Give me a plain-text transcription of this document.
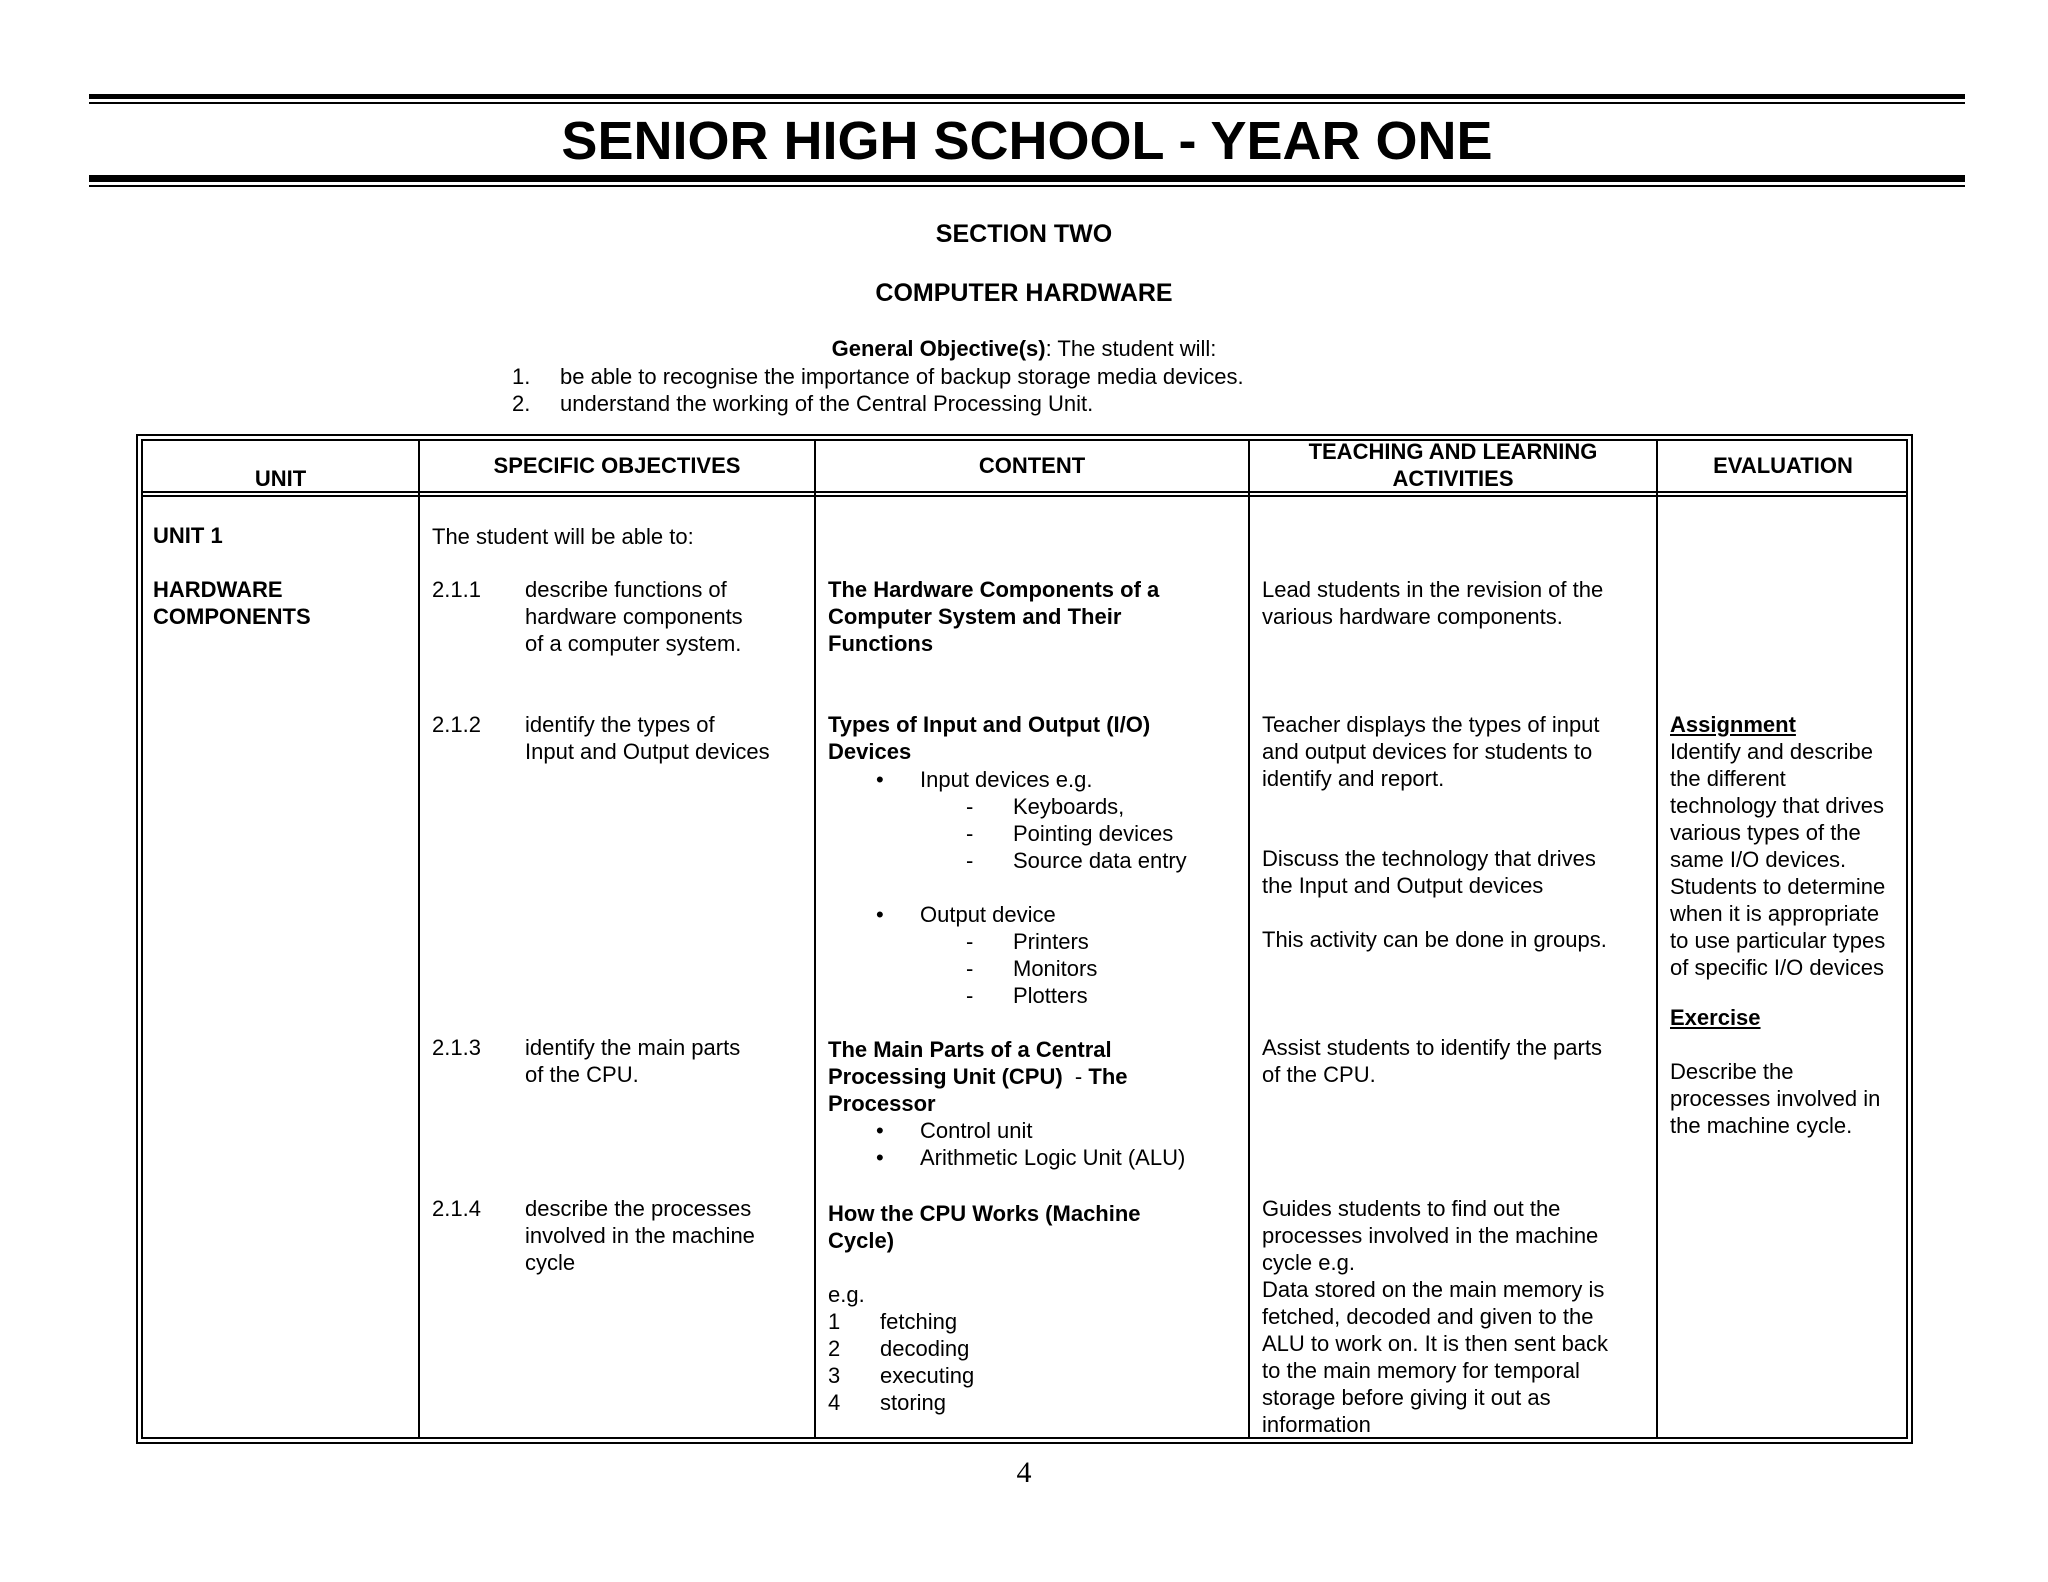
SENIOR HIGH SCHOOL - YEAR ONE
SECTION TWO
COMPUTER HARDWARE
General Objective(s): The student will:
1. be able to recognise the importance of backup storage media devices.
2. understand the working of the Central Processing Unit.
UNIT
SPECIFIC OBJECTIVES	CONTENT
TEACHING AND LEARNING
ACTIVITIES
EVALUATION
UNIT 1
HARDWARE
COMPONENTS
The student will be able to:
2.1.1 describe functions of
hardware components
of a computer system.
The Hardware Components of a
Computer System and Their
Functions
Lead students in the revision of the
various hardware components.
2.1.2 identify the types of
Input and Output devices
Types of Input and Output (I/O)
Devices
• Input devices e.g.
- Keyboards,
- Pointing devices
- Source data entry
• Output device
- Printers
- Monitors
- Plotters
Teacher displays the types of input
and output devices for students to
identify and report.
Discuss the technology that drives
the Input and Output devices
This activity can be done in groups.
Assignment
Identify and describe
the different
technology that drives
various types of the
same I/O devices.
Students to determine
when it is appropriate
to use particular types
of specific I/O devices
Exercise
Describe the
processes involved in
the machine cycle.
2.1.3 identify the main parts
of the CPU.
The Main Parts of a Central
Processing Unit (CPU)  - The
Processor
• Control unit
• Arithmetic Logic Unit (ALU)
Assist students to identify the parts
of the CPU.
2.1.4 describe the processes
involved in the machine
cycle
How the CPU Works (Machine
Cycle)
e.g.
1 fetching
2 decoding
3 executing
4 storing
Guides students to find out the
processes involved in the machine
cycle e.g.
Data stored on the main memory is
fetched, decoded and given to the
ALU to work on. It is then sent back
to the main memory for temporal
storage before giving it out as
information
4
